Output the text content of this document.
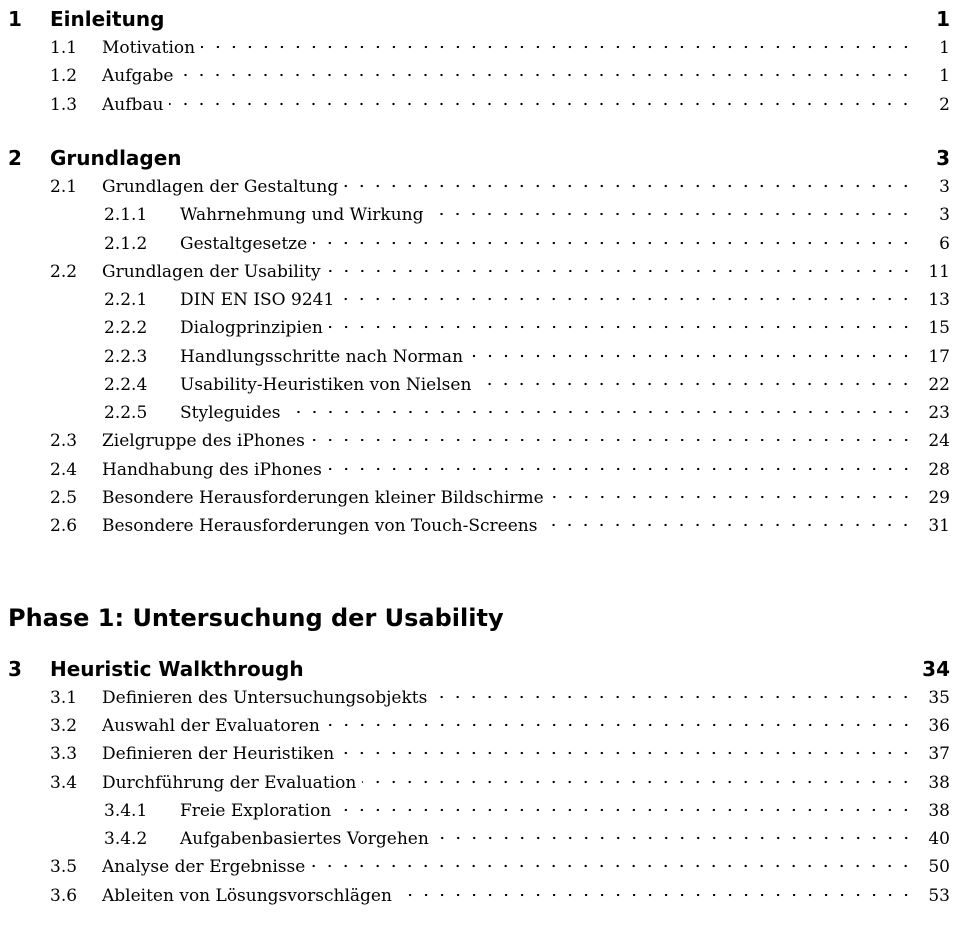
1 Einleitung	1
1.1	Motivation	1
1.2	Aufgabe	1
1.3	Aufbau	2
2 Grundlagen	3
2.1	Grundlagen der Gestaltung	3
2.1.1	Wahrnehmung und Wirkung	3
2.1.2	Gestaltgesetze	6
2.2	Grundlagen der Usability	11
2.2.1	DIN EN ISO 9241	13
2.2.2	Dialogprinzipien	15
2.2.3	Handlungsschritte nach Norman	17
2.2.4	Usability-Heuristiken von Nielsen	22
2.2.5	Styleguides	23
2.3	Zielgruppe des iPhones	24
2.4	Handhabung des iPhones	28
2.5	Besondere Herausforderungen kleiner Bildschirme	29
2.6	Besondere Herausforderungen von Touch-Screens	31
Phase 1: Untersuchung der Usability
3 Heuristic Walkthrough	34
3.1	Definieren des Untersuchungsobjekts	35
3.2	Auswahl der Evaluatoren	36
3.3	Definieren der Heuristiken	37
3.4	Durchführung der Evaluation	38
3.4.1	Freie Exploration	38
3.4.2	Aufgabenbasiertes Vorgehen	40
3.5	Analyse der Ergebnisse	50
3.6	Ableiten von Lösungsvorschlägen	53
